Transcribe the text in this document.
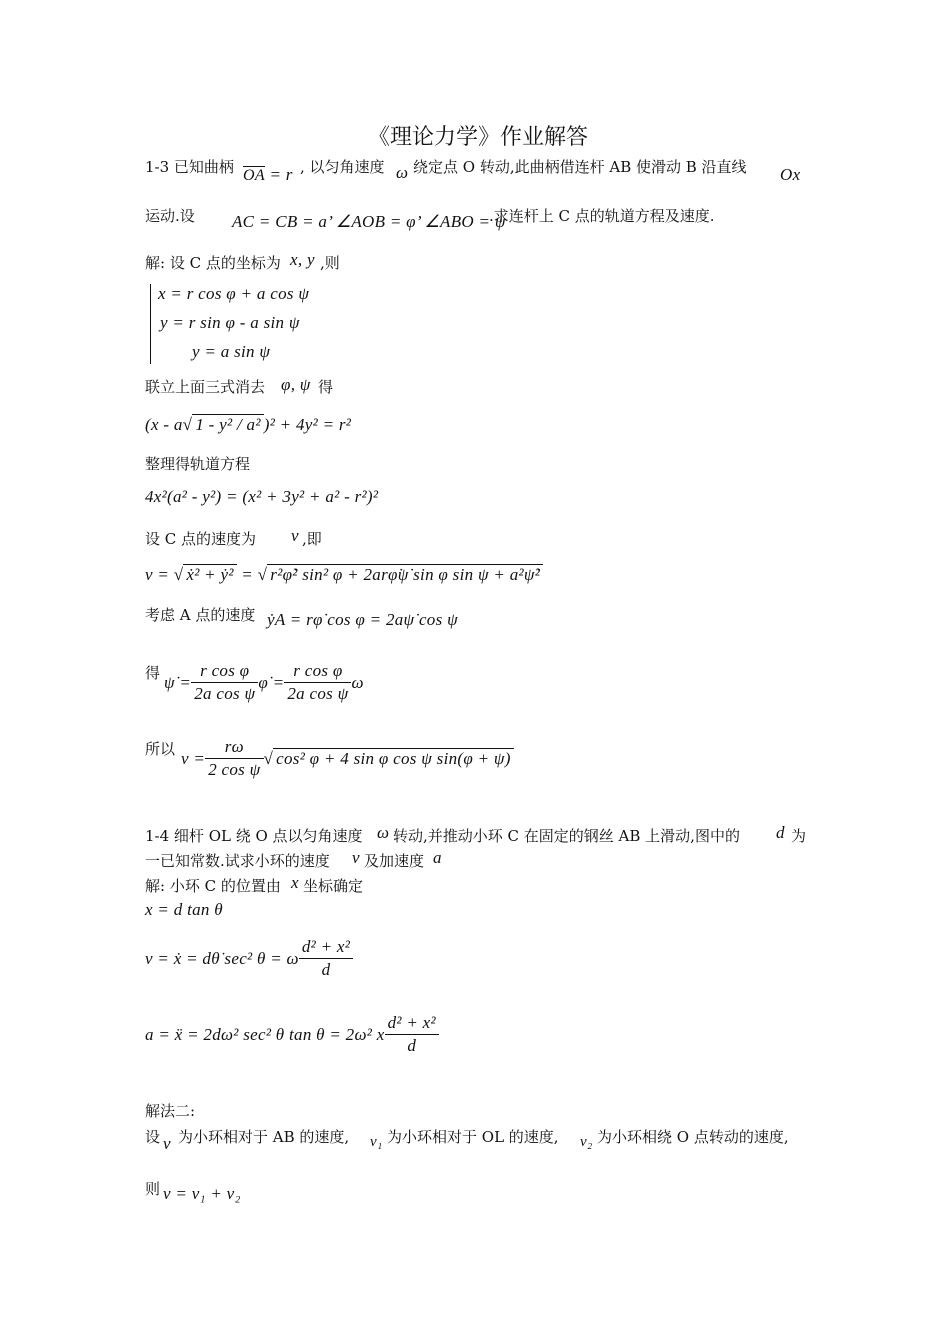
《理论力学》作业解答
1-3 已知曲柄 OA = r , 以匀角速度 ω 绕定点 O 转动,此曲柄借连杆 AB 使滑动 B 沿直线 Ox
运动.设 AC = CB = a’ ∠AOB = φ’ ∠ABO = ψ
.求连杆上 C 点的轨道方程及速度.
解: 设 C 点的坐标为 x, y ,则
x = r cos φ + a cos ψ
y = r sin φ - a sin ψ
y = a sin ψ
联立上面三式消去 φ, ψ 得
(x - a√ 1 - y² / a² )² + 4y² = r²
整理得轨道方程
4x²(a² - y²) = (x² + 3y² + a² - r²)²
设 C 点的速度为 v ,即
v = √ ẋ² + ẏ² = √ r²φ̇² sin² φ + 2arφ̇ψ̇ sin φ sin ψ + a²ψ̇²
考虑 A 点的速度 ẏA = rφ̇ cos φ = 2aψ̇ cos ψ
得 ψ̇ = $\frac{\text{r cos φ}}{\text{2a cos ψ}}$ φ̇ = $\frac{\text{r cos φ}}{\text{2a cos ψ}}$ ω
所以 $v = \frac{r\omega}{\text{2 cos ψ}}$ √ cos² φ + 4 sin φ cos ψ sin(φ + ψ)
1-4 细杆 OL 绕 O 点以匀角速度 ω 转动,并推动小环 C 在固定的钢丝 AB 上滑动,图中的 d 为
一已知常数.试求小环的速度 v 及加速度 a
解: 小环 C 的位置由 x 坐标确定
x = d tan θ
v = ẋ = dθ̇ sec² θ = ω $\frac{\text{d² + x²}}{d}$
a = ẍ = 2dω² sec² θ tan θ = 2ω² x $\frac{\text{d² + x²}}{d}$
解法二:
设 v 为小环相对于 AB 的速度, v₁ 为小环相对于 OL 的速度, v₂ 为小环相绕 O 点转动的速度,
则 v = v₁ + v₂
